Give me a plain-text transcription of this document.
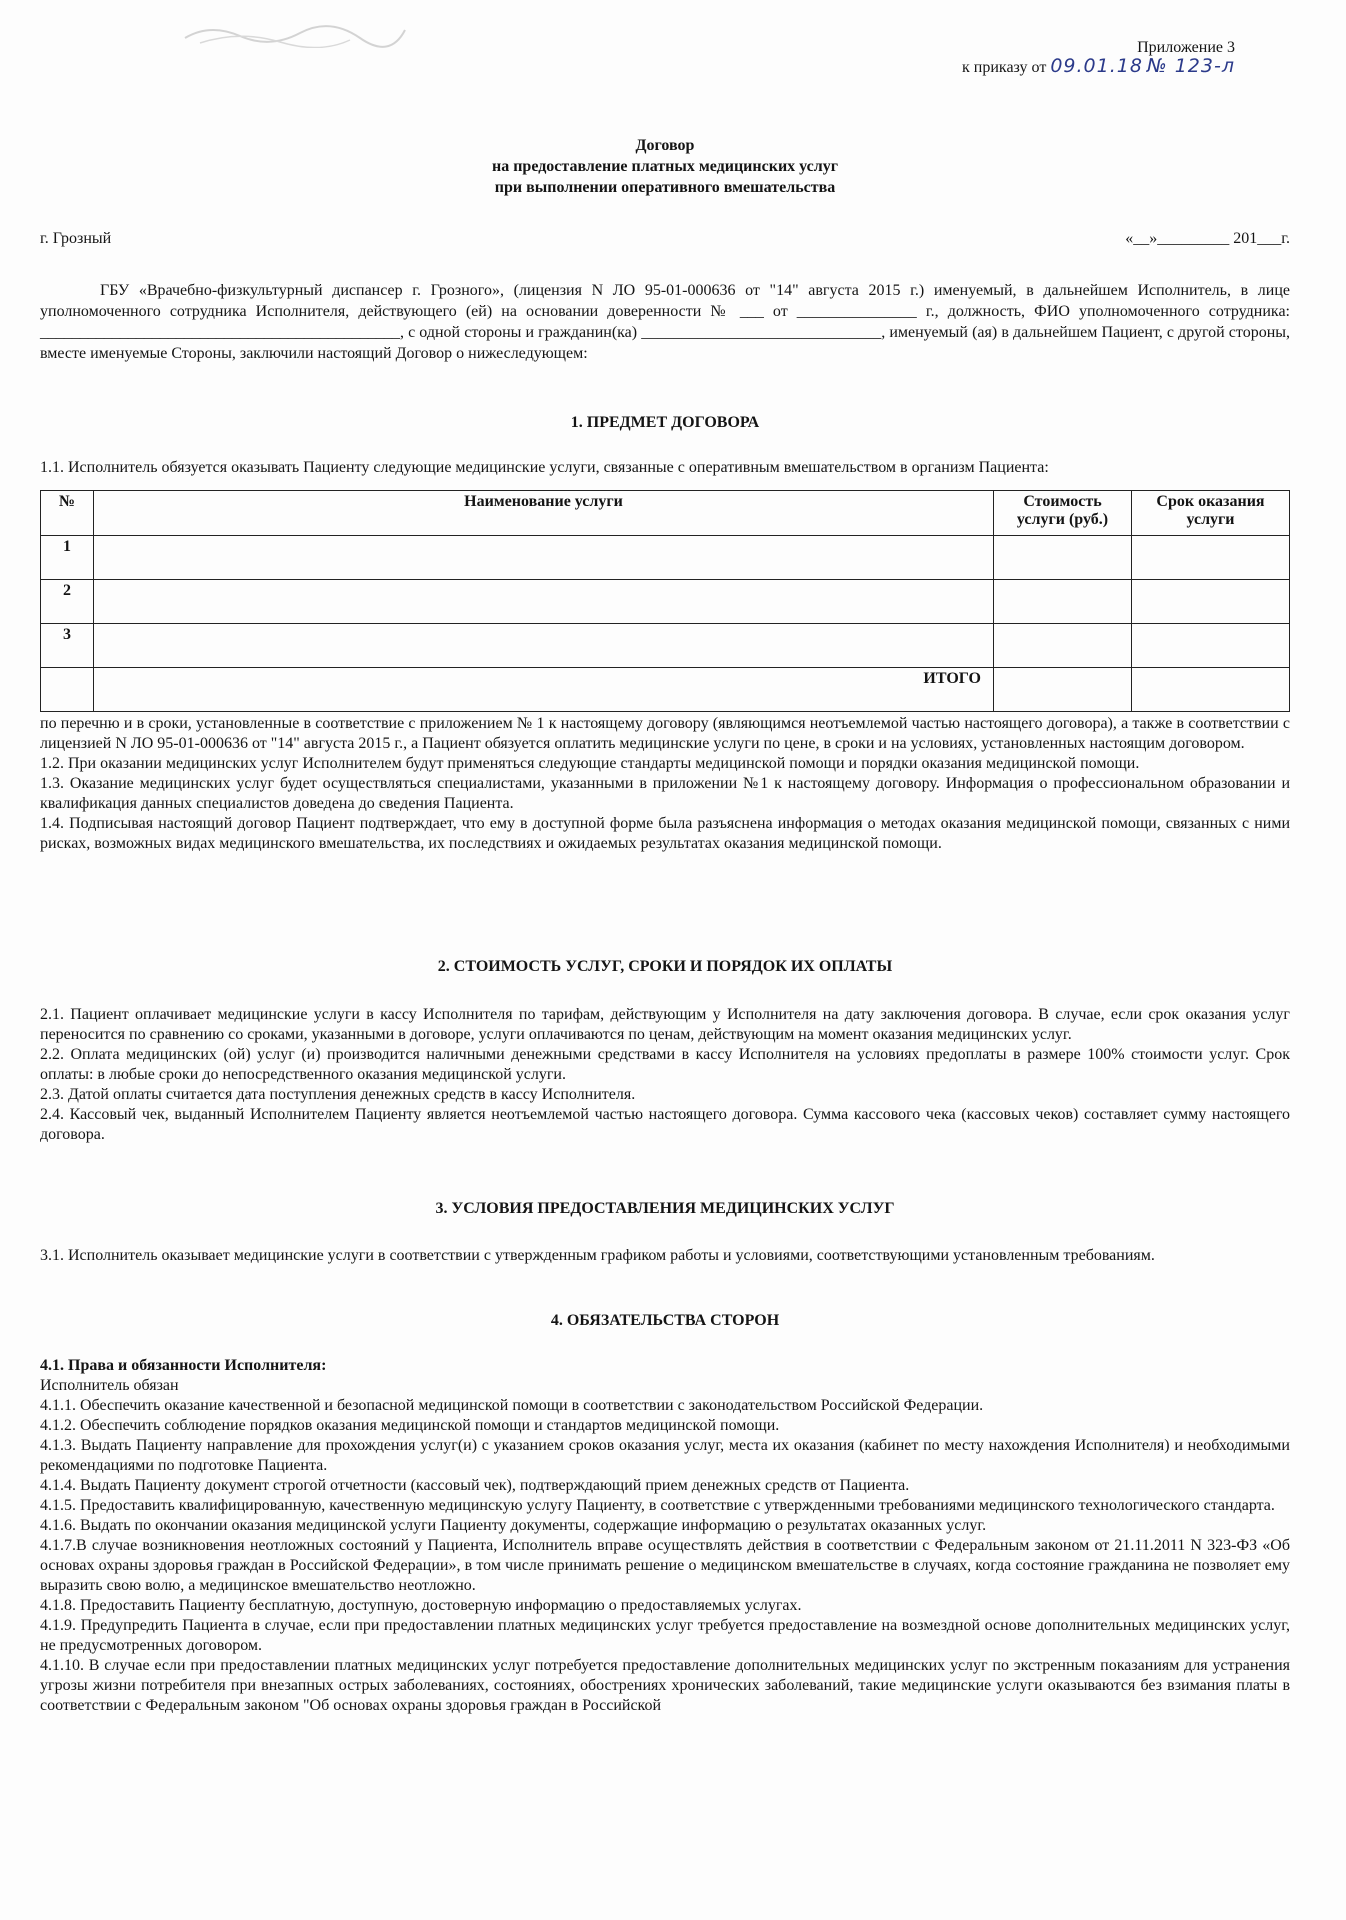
Приложение 3
к приказу от 09.01.18 № 123-л
Договор
на предоставление платных медицинских услуг
при выполнении оперативного вмешательства
г. Грозный	«__»_________ 201___г.

ГБУ «Врачебно-физкультурный диспансер г. Грозного», (лицензия N ЛО 95-01-000636 от "14" августа 2015 г.) именуемый, в дальнейшем Исполнитель, в лице уполномоченного сотрудника Исполнителя, действующего (ей) на основании доверенности № ___ от _______________ г., должность, ФИО уполномоченного сотрудника: _____________________________________________, с одной стороны и гражданин(ка) ______________________________, именуемый (ая) в дальнейшем Пациент, с другой стороны, вместе именуемые Стороны, заключили настоящий Договор о нижеследующем:

1. ПРЕДМЕТ ДОГОВОРА
1.1. Исполнитель обязуется оказывать Пациенту следующие медицинские услуги, связанные с оперативным вмешательством в организм Пациента:
№	Наименование услуги	Стоимость услуги (руб.)	Срок оказания услуги
1			
2			
3			
	ИТОГО		

по перечню и в сроки, установленные в соответствие с приложением № 1 к настоящему договору (являющимся неотъемлемой частью настоящего договора), а также в соответствии с лицензией N ЛО 95-01-000636 от "14" августа 2015 г., а Пациент обязуется оплатить медицинские услуги по цене, в сроки и на условиях, установленных настоящим договором.

1.2. При оказании медицинских услуг Исполнителем будут применяться следующие стандарты медицинской помощи и порядки оказания медицинской помощи.

1.3. Оказание медицинских услуг будет осуществляться специалистами, указанными в приложении №1 к настоящему договору. Информация о профессиональном образовании и квалификация данных специалистов доведена до сведения Пациента.

1.4. Подписывая настоящий договор Пациент подтверждает, что ему в доступной форме была разъяснена информация о методах оказания медицинской помощи, связанных с ними рисках, возможных видах медицинского вмешательства, их последствиях и ожидаемых результатах оказания медицинской помощи.

2. СТОИМОСТЬ УСЛУГ, СРОКИ И ПОРЯДОК ИХ ОПЛАТЫ

2.1. Пациент оплачивает медицинские услуги в кассу Исполнителя по тарифам, действующим у Исполнителя на дату заключения договора. В случае, если срок оказания услуг переносится по сравнению со сроками, указанными в договоре, услуги оплачиваются по ценам, действующим на момент оказания медицинских услуг.

2.2. Оплата медицинских (ой) услуг (и) производится наличными денежными средствами в кассу Исполнителя на условиях предоплаты в размере 100% стоимости услуг. Срок оплаты: в любые сроки до непосредственного оказания медицинской услуги.

2.3. Датой оплаты считается дата поступления денежных средств в кассу Исполнителя.

2.4. Кассовый чек, выданный Исполнителем Пациенту является неотъемлемой частью настоящего договора. Сумма кассового чека (кассовых чеков) составляет сумму настоящего договора.

3. УСЛОВИЯ ПРЕДОСТАВЛЕНИЯ МЕДИЦИНСКИХ УСЛУГ

3.1. Исполнитель оказывает медицинские услуги в соответствии с утвержденным графиком работы и условиями, соответствующими установленным требованиям.

4. ОБЯЗАТЕЛЬСТВА СТОРОН

4.1. Права и обязанности Исполнителя:

Исполнитель обязан

4.1.1. Обеспечить оказание качественной и безопасной медицинской помощи в соответствии с законодательством Российской Федерации.

4.1.2. Обеспечить соблюдение порядков оказания медицинской помощи и стандартов медицинской помощи.

4.1.3. Выдать Пациенту направление для прохождения услуг(и) с указанием сроков оказания услуг, места их оказания (кабинет по месту нахождения Исполнителя) и необходимыми рекомендациями по подготовке Пациента.

4.1.4. Выдать Пациенту документ строгой отчетности (кассовый чек), подтверждающий прием денежных средств от Пациента.

4.1.5. Предоставить квалифицированную, качественную медицинскую услугу Пациенту, в соответствие с утвержденными требованиями медицинского технологического стандарта.

4.1.6. Выдать по окончании оказания медицинской услуги Пациенту документы, содержащие информацию о результатах оказанных услуг.

4.1.7.В случае возникновения неотложных состояний у Пациента, Исполнитель вправе осуществлять действия в соответствии с Федеральным законом от 21.11.2011 N 323-ФЗ «Об основах охраны здоровья граждан в Российской Федерации», в том числе принимать решение о медицинском вмешательстве в случаях, когда состояние гражданина не позволяет ему выразить свою волю, а медицинское вмешательство неотложно.

4.1.8. Предоставить Пациенту бесплатную, доступную, достоверную информацию о предоставляемых услугах.

4.1.9. Предупредить Пациента в случае, если при предоставлении платных медицинских услуг требуется предоставление на возмездной основе дополнительных медицинских услуг, не предусмотренных договором.

4.1.10. В случае если при предоставлении платных медицинских услуг потребуется предоставление дополнительных медицинских услуг по экстренным показаниям для устранения угрозы жизни потребителя при внезапных острых заболеваниях, состояниях, обострениях хронических заболеваний, такие медицинские услуги оказываются без взимания платы в соответствии с Федеральным законом "Об основах охраны здоровья граждан в Российской
